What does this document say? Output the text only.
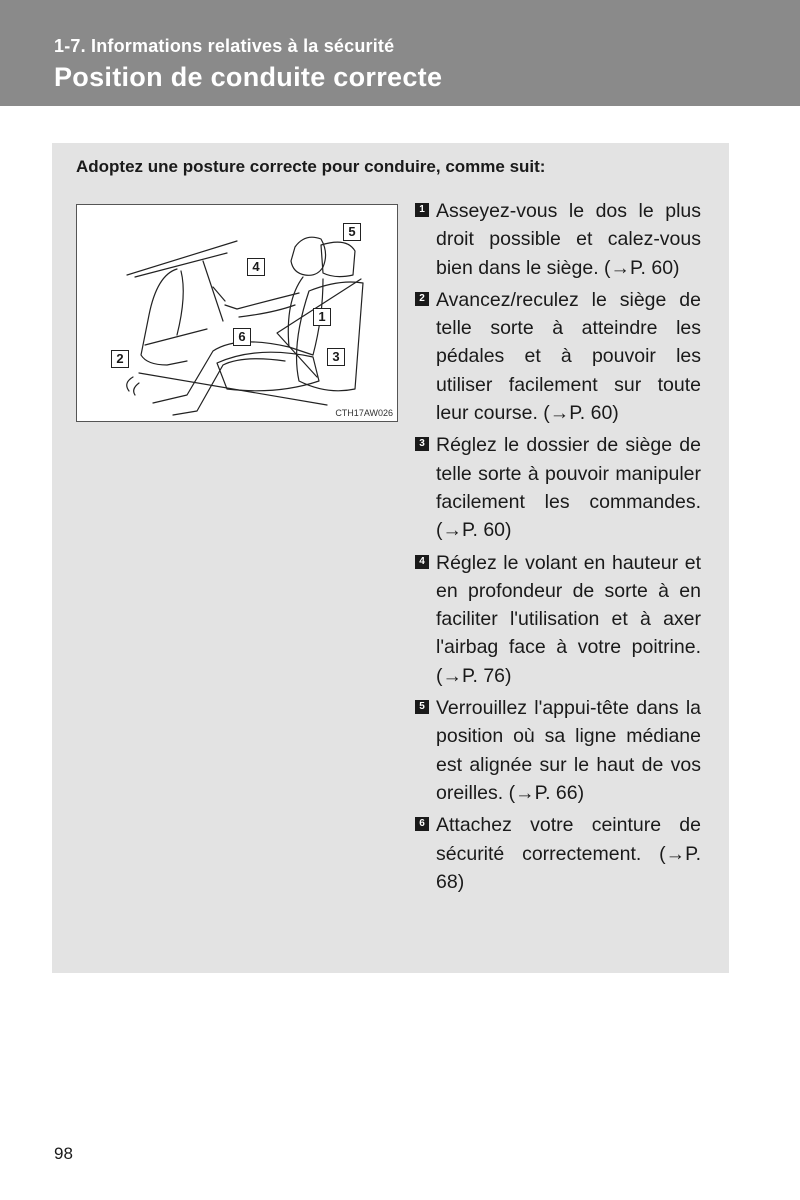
1-7. Informations relatives à la sécurité
Position de conduite correcte
Adoptez une posture correcte pour conduire, comme suit:
5
4
1
6
2	3
CTH17AW026
1 Asseyez-vous le dos le plus droit possible et calez-vous bien dans le siège. (→P. 60)
2 Avancez/reculez le siège de telle sorte à atteindre les pédales et à pouvoir les utiliser facilement sur toute leur course. (→P. 60)
3 Réglez le dossier de siège de telle sorte à pouvoir manipuler facilement les commandes. (→P. 60)
4 Réglez le volant en hauteur et en profondeur de sorte à en faciliter l'utilisation et à axer l'airbag face à votre poitrine. (→P. 76)
5 Verrouillez l'appui-tête dans la position où sa ligne médiane est alignée sur le haut de vos oreilles. (→P. 66)
6 Attachez votre ceinture de sécurité correctement. (→P. 68)
98
